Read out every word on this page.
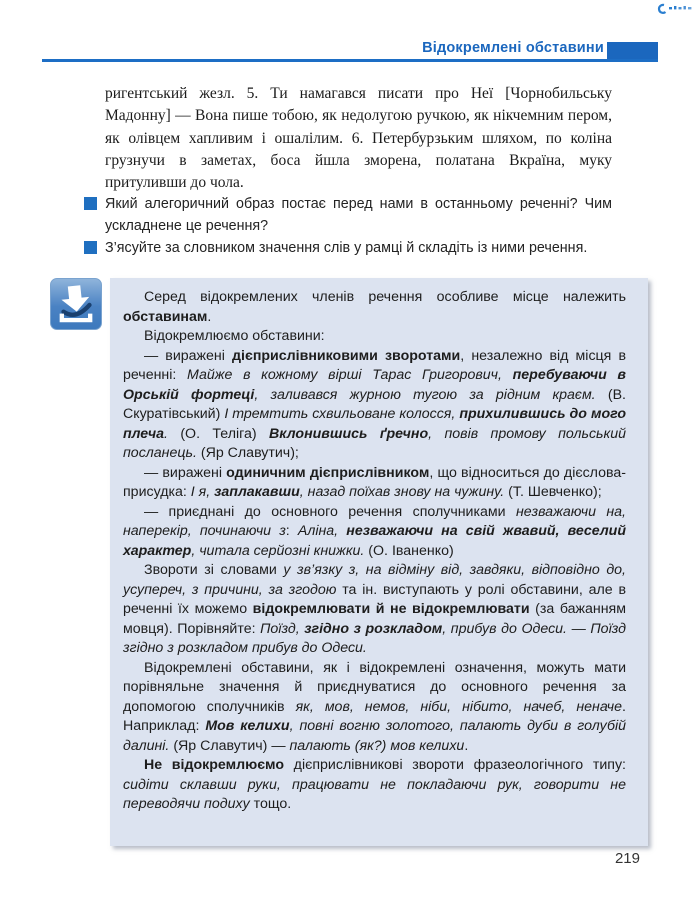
Відокремлені обставини

ригентський жезл. 5. Ти намагався писати про Неї [Чорнобильську Мадонну] — Вона пише тобою, як недолугою ручкою, як нікчемним пером, як олівцем хапливим і ошалілим. 6. Петербурзьким шляхом, по коліна грузнучи в заметах, боса йшла зморена, полатана Вкраїна, муку притуливши до чола.

Який алегоричний образ постає перед нами в останньому реченні? Чим ускладнене це речення?
З’ясуйте за словником значення слів у рамці й складіть із ними речення.

Серед відокремлених членів речення особливе місце належить обставинам.

Відокремлюємо обставини:

— виражені дієприслівниковими зворотами, незалежно від місця в реченні: Майже в кожному вірші Тарас Григорович, перебуваючи в Орській фортеці, заливався журною тугою за рідним краєм. (В. Скуратівський) І тремтить схвильоване колосся, прихилившись до мого плеча. (О. Теліга) Вклонившись ґречно, повів промову польський посланець. (Яр Славутич);

— виражені одиничним дієприслівником, що відноситься до дієслова-присудка: І я, заплакавши, назад поїхав знову на чужину. (Т. Шевченко);

— приєднані до основного речення сполучниками незважаючи на, наперекір, починаючи з: Аліна, незважаючи на свій жвавий, веселий характер, читала серйозні книжки. (О. Іваненко)

Звороти зі словами у зв’язку з, на відміну від, завдяки, відповідно до, усупереч, з причини, за згодою та ін. виступають у ролі обставини, але в реченні їх можемо відокремлювати й не відокремлювати (за бажанням мовця). Порівняйте: Поїзд, згідно з розкладом, прибув до Одеси. — Поїзд згідно з розкладом прибув до Одеси.

Відокремлені обставини, як і відокремлені означення, можуть мати порівняльне значення й приєднуватися до основного речення за допомогою сполучників як, мов, немов, ніби, нібито, начеб, неначе. Наприклад: Мов келихи, повні вогню золотого, палають дуби в голубій далині. (Яр Славутич) — палають (як?) мов келихи.

Не відокремлюємо дієприслівникові звороти фразеологічного типу: сидіти склавши руки, працювати не покладаючи рук, говорити не переводячи подиху тощо.

219
